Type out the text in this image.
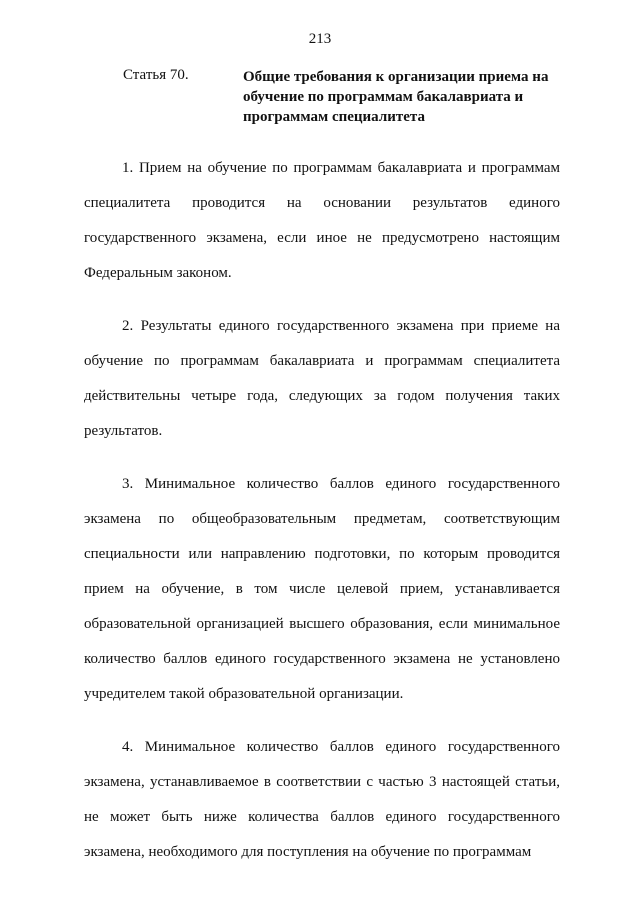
213
Статья 70.	Общие требования к организации приема на обучение по программам бакалавриата и программам специалитета

1. Прием на обучение по программам бакалавриата и программам специалитета проводится на основании результатов единого государственного экзамена, если иное не предусмотрено настоящим Федеральным законом.

2. Результаты единого государственного экзамена при приеме на обучение по программам бакалавриата и программам специалитета действительны четыре года, следующих за годом получения таких результатов.

3. Минимальное количество баллов единого государственного экзамена по общеобразовательным предметам, соответствующим специальности или направлению подготовки, по которым проводится прием на обучение, в том числе целевой прием, устанавливается образовательной организацией высшего образования, если минимальное количество баллов единого государственного экзамена не установлено учредителем такой образовательной организации.

4. Минимальное количество баллов единого государственного экзамена, устанавливаемое в соответствии с частью 3 настоящей статьи, не может быть ниже количества баллов единого государственного экзамена, необходимого для поступления на обучение по программам
